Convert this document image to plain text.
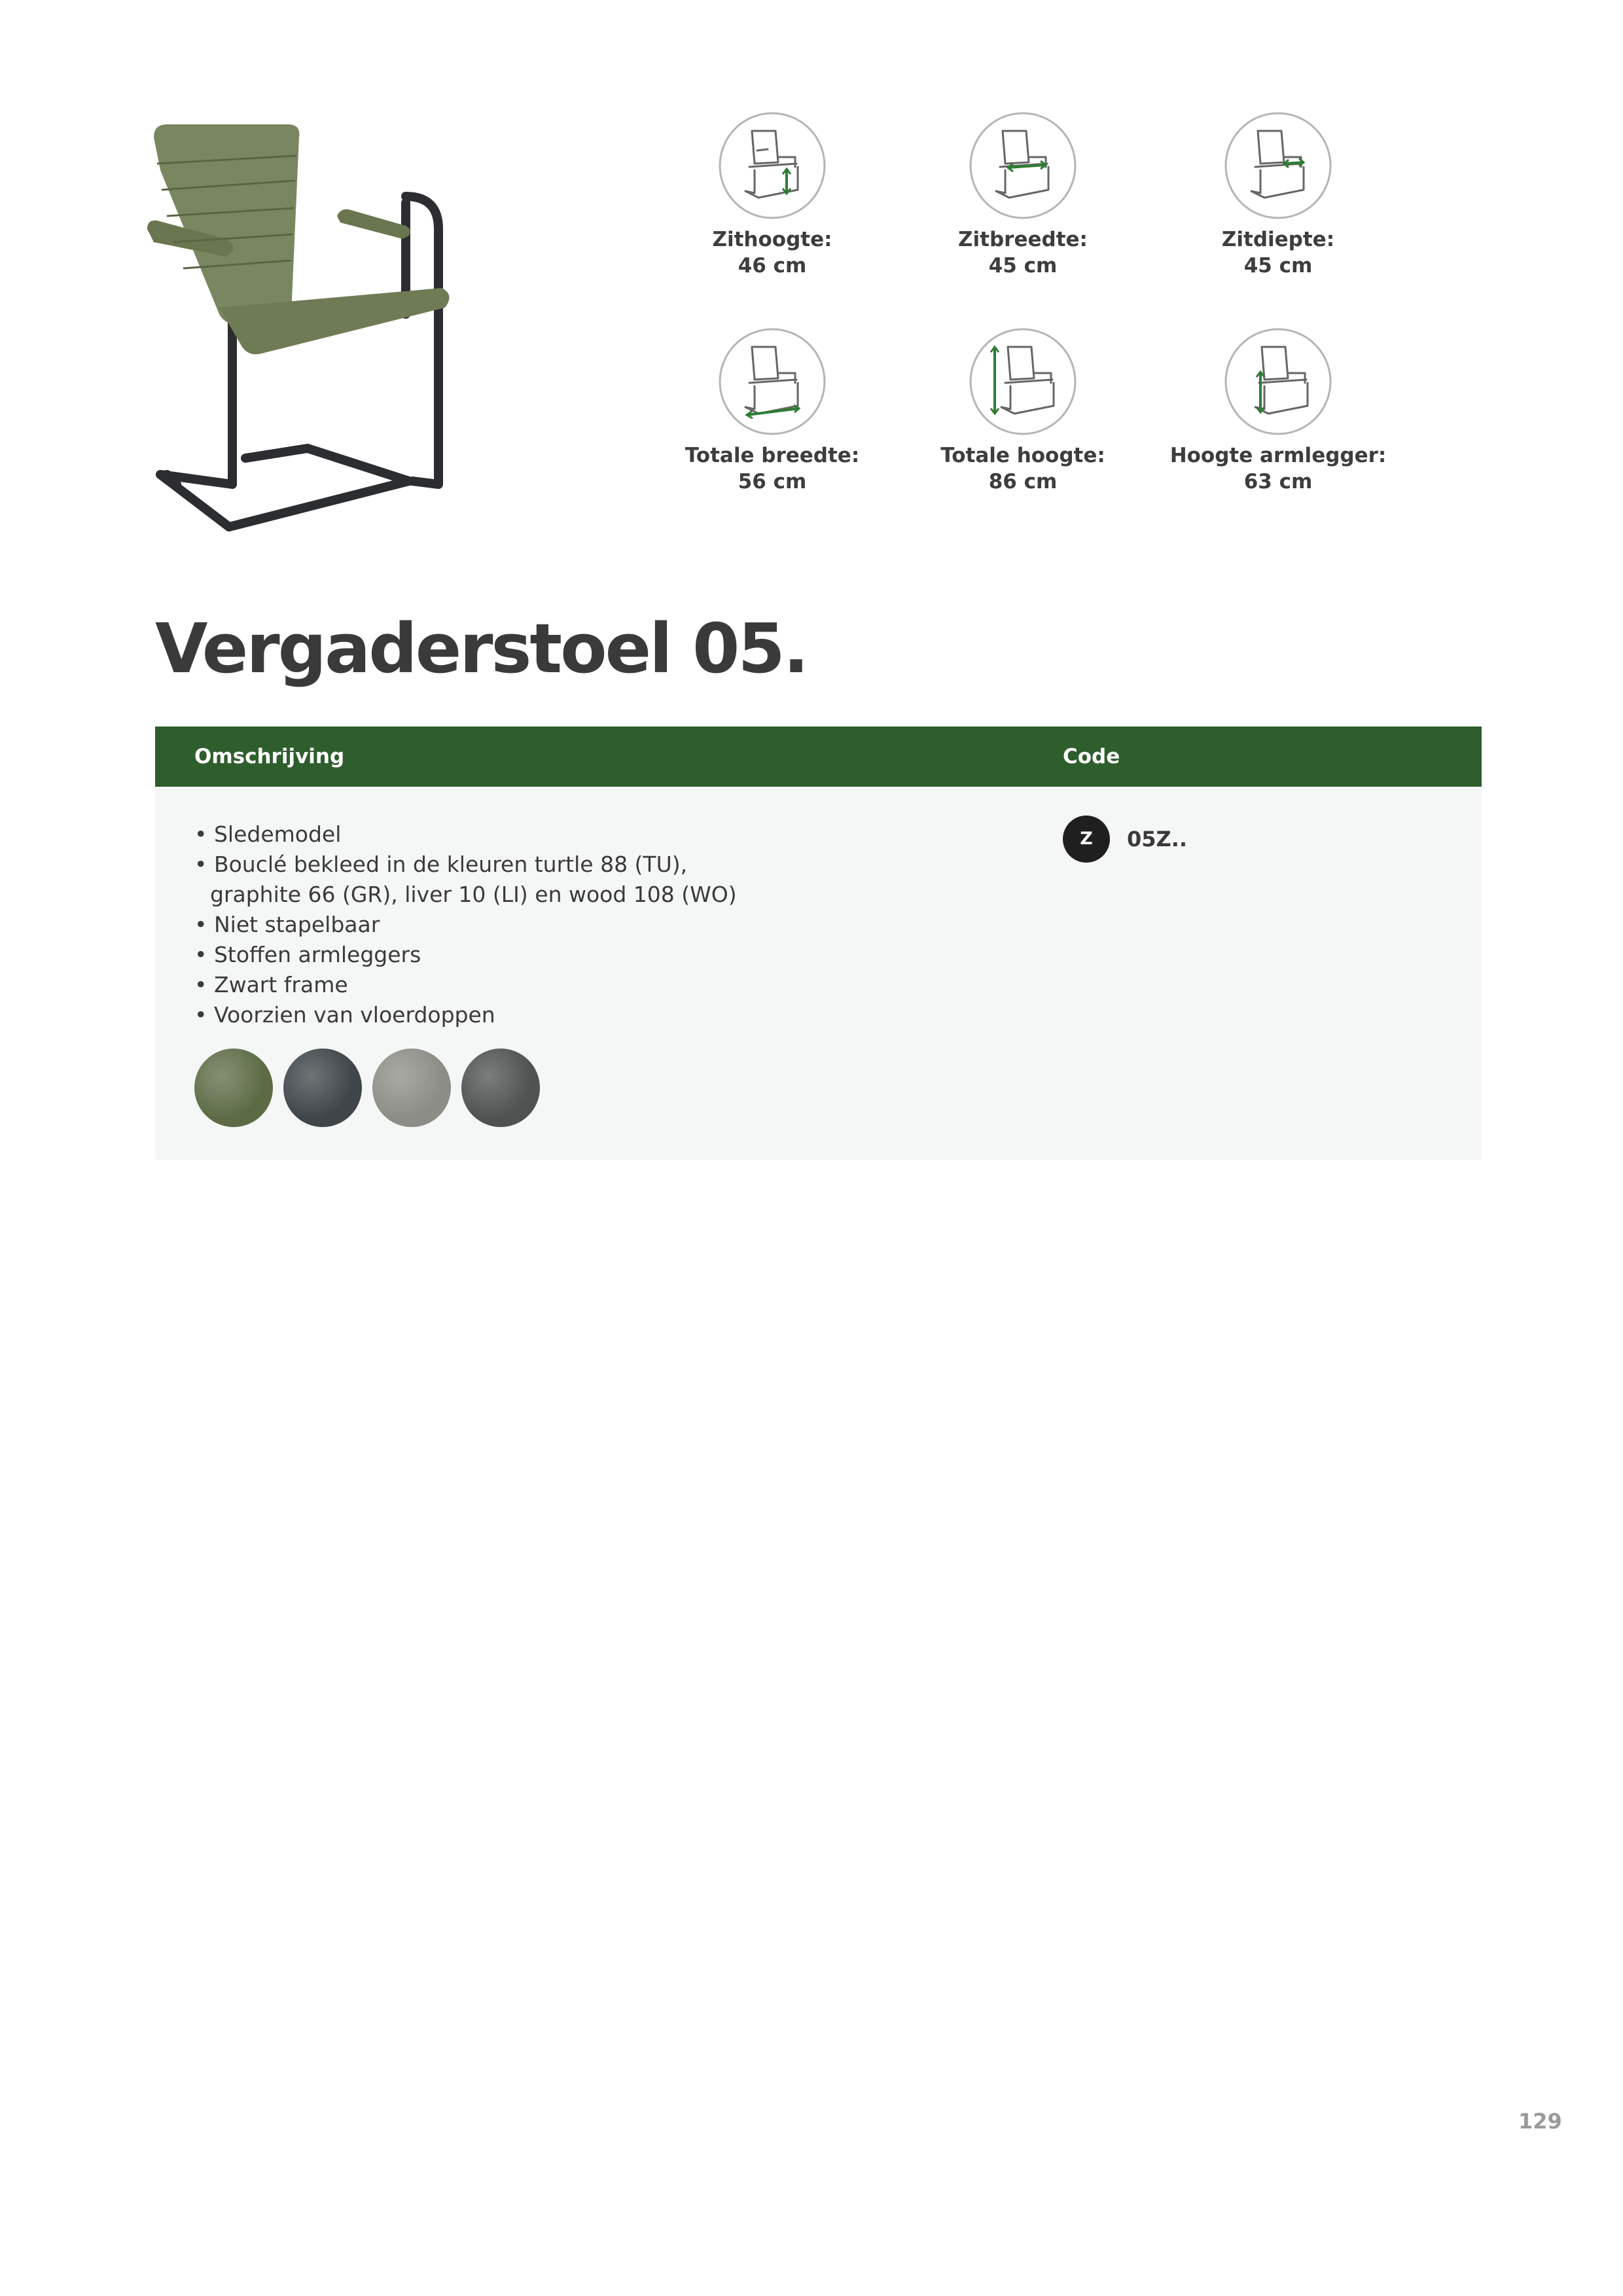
Zithoogte:
46 cm
Zitbreedte:
45 cm
Zitdiepte:
45 cm
Totale breedte:
56 cm
Totale hoogte:
86 cm
Hoogte armlegger:
63 cm
Vergaderstoel 05.
Omschrijving	Code
• Sledemodel
• Bouclé bekleed in de kleuren turtle 88 (TU),
graphite 66 (GR), liver 10 (LI) en wood 108 (WO)
• Niet stapelbaar
• Stoffen armleggers
• Zwart frame
• Voorzien van vloerdoppen
Z	05Z..
129
